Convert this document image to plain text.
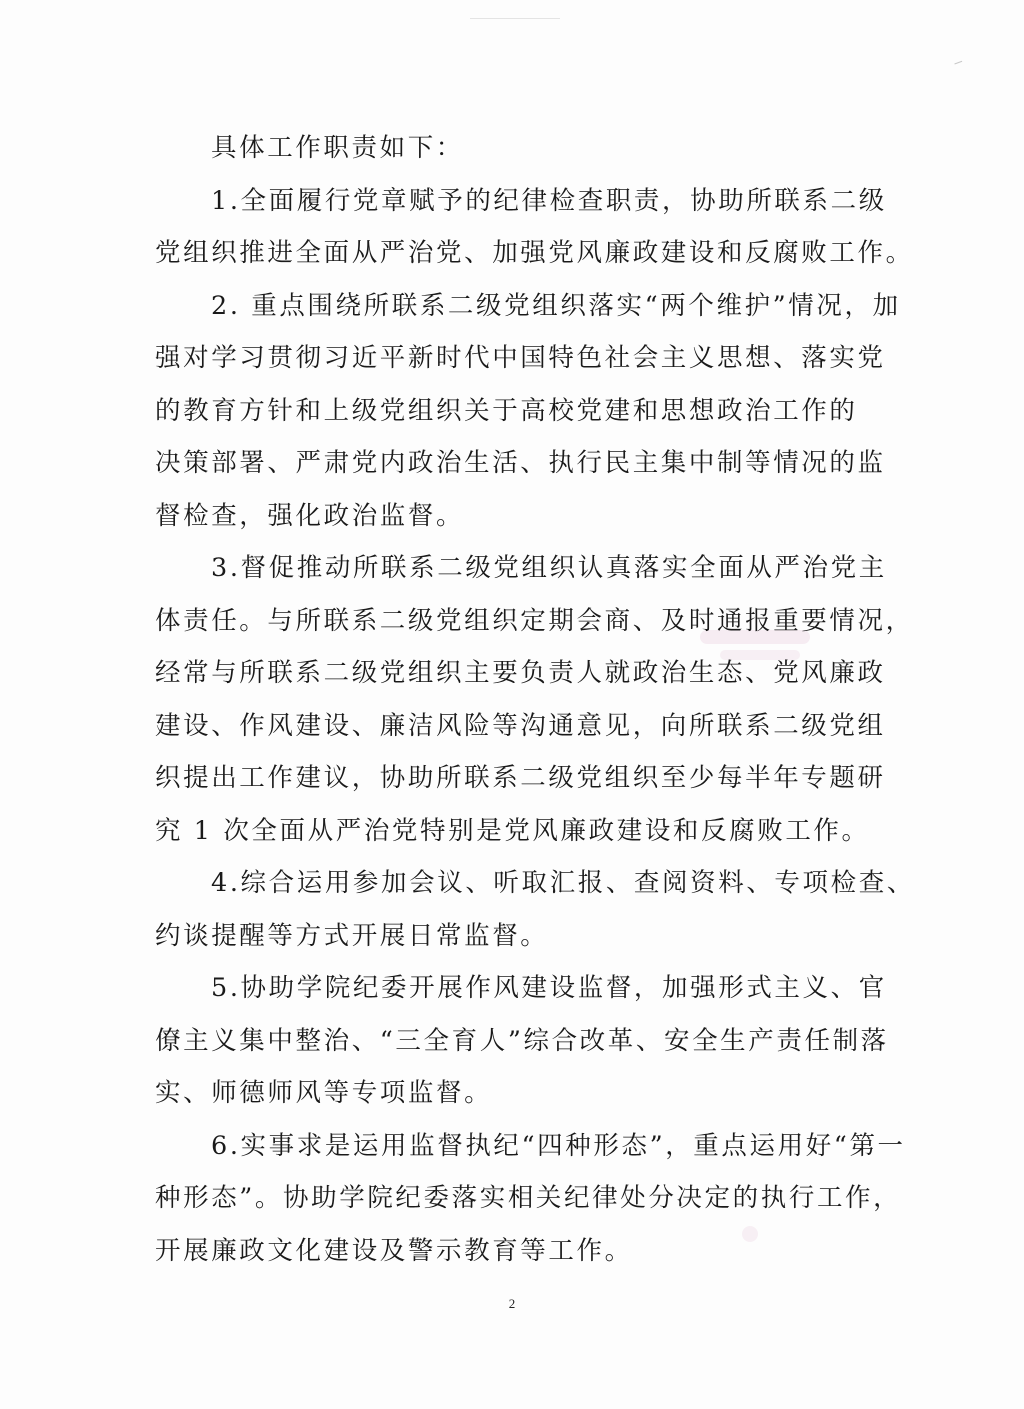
具体工作职责如下：
1.全面履行党章赋予的纪律检查职责，协助所联系二级
党组织推进全面从严治党、加强党风廉政建设和反腐败工作。
2. 重点围绕所联系二级党组织落实“两个维护”情况，加
强对学习贯彻习近平新时代中国特色社会主义思想、落实党
的教育方针和上级党组织关于高校党建和思想政治工作的
决策部署、严肃党内政治生活、执行民主集中制等情况的监
督检查，强化政治监督。
3.督促推动所联系二级党组织认真落实全面从严治党主
体责任。与所联系二级党组织定期会商、及时通报重要情况，
经常与所联系二级党组织主要负责人就政治生态、党风廉政
建设、作风建设、廉洁风险等沟通意见，向所联系二级党组
织提出工作建议，协助所联系二级党组织至少每半年专题研
究 1 次全面从严治党特别是党风廉政建设和反腐败工作。
4.综合运用参加会议、听取汇报、查阅资料、专项检查、
约谈提醒等方式开展日常监督。
5.协助学院纪委开展作风建设监督，加强形式主义、官
僚主义集中整治、“三全育人”综合改革、安全生产责任制落
实、师德师风等专项监督。
6.实事求是运用监督执纪“四种形态”，重点运用好“第一
种形态”。协助学院纪委落实相关纪律处分决定的执行工作，
开展廉政文化建设及警示教育等工作。
2
